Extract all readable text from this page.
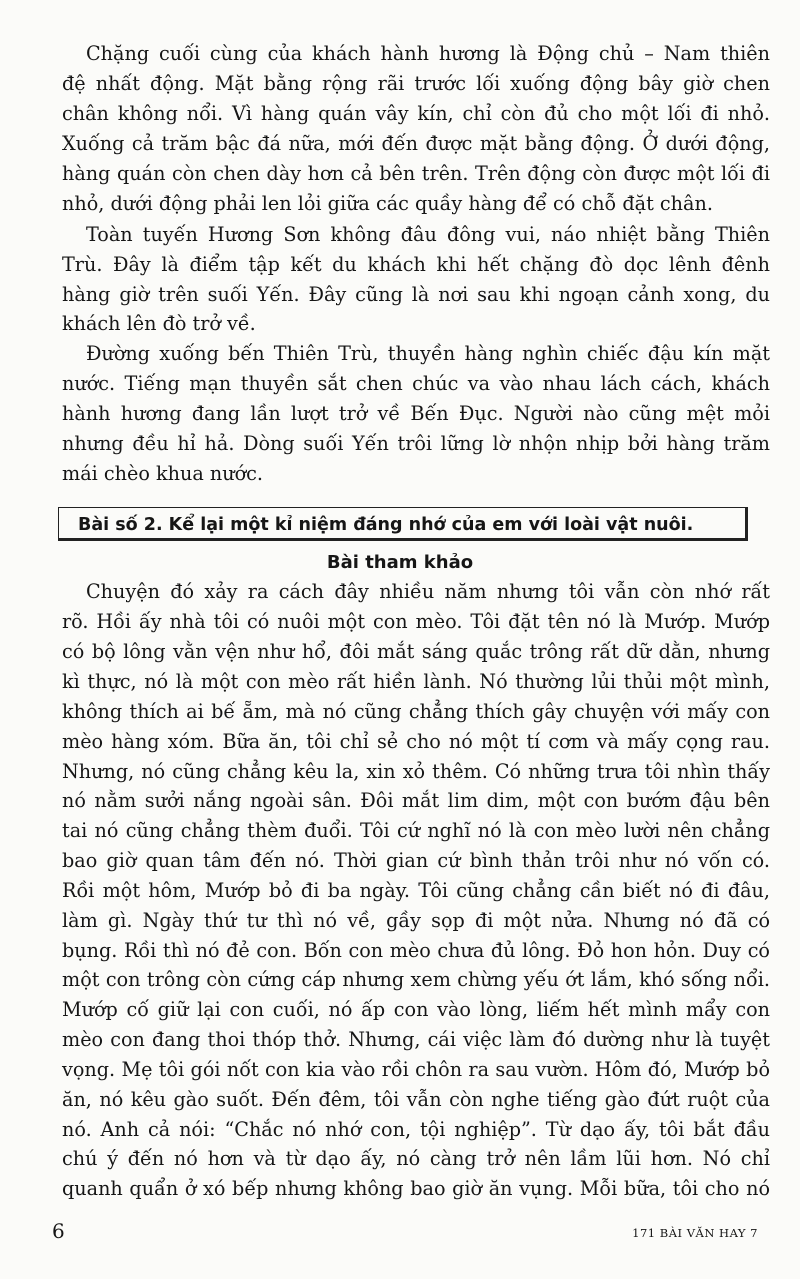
Chặng cuối cùng của khách hành hương là Động chủ – Nam thiên
đệ nhất động. Mặt bằng rộng rãi trước lối xuống động bây giờ chen
chân không nổi. Vì hàng quán vây kín, chỉ còn đủ cho một lối đi nhỏ.
Xuống cả trăm bậc đá nữa, mới đến được mặt bằng động. Ở dưới động,
hàng quán còn chen dày hơn cả bên trên. Trên động còn được một lối đi
nhỏ, dưới động phải len lỏi giữa các quầy hàng để có chỗ đặt chân.
Toàn tuyến Hương Sơn không đâu đông vui, náo nhiệt bằng Thiên
Trù. Đây là điểm tập kết du khách khi hết chặng đò dọc lênh đênh
hàng giờ trên suối Yến. Đây cũng là nơi sau khi ngoạn cảnh xong, du
khách lên đò trở về.
Đường xuống bến Thiên Trù, thuyền hàng nghìn chiếc đậu kín mặt
nước. Tiếng mạn thuyền sắt chen chúc va vào nhau lách cách, khách
hành hương đang lần lượt trở về Bến Đục. Người nào cũng mệt mỏi
nhưng đều hỉ hả. Dòng suối Yến trôi lững lờ nhộn nhịp bởi hàng trăm
mái chèo khua nước.
Bài số 2. Kể lại một kỉ niệm đáng nhớ của em với loài vật nuôi.
Bài tham khảo
Chuyện đó xảy ra cách đây nhiều năm nhưng tôi vẫn còn nhớ rất
rõ. Hồi ấy nhà tôi có nuôi một con mèo. Tôi đặt tên nó là Mướp. Mướp
có bộ lông vằn vện như hổ, đôi mắt sáng quắc trông rất dữ dằn, nhưng
kì thực, nó là một con mèo rất hiền lành. Nó thường lủi thủi một mình,
không thích ai bế ẵm, mà nó cũng chẳng thích gây chuyện với mấy con
mèo hàng xóm. Bữa ăn, tôi chỉ sẻ cho nó một tí cơm và mấy cọng rau.
Nhưng, nó cũng chẳng kêu la, xin xỏ thêm. Có những trưa tôi nhìn thấy
nó nằm sưởi nắng ngoài sân. Đôi mắt lim dim, một con bướm đậu bên
tai nó cũng chẳng thèm đuổi. Tôi cứ nghĩ nó là con mèo lười nên chẳng
bao giờ quan tâm đến nó. Thời gian cứ bình thản trôi như nó vốn có.
Rồi một hôm, Mướp bỏ đi ba ngày. Tôi cũng chẳng cần biết nó đi đâu,
làm gì. Ngày thứ tư thì nó về, gầy sọp đi một nửa. Nhưng nó đã có
bụng. Rồi thì nó đẻ con. Bốn con mèo chưa đủ lông. Đỏ hon hỏn. Duy có
một con trông còn cứng cáp nhưng xem chừng yếu ớt lắm, khó sống nổi.
Mướp cố giữ lại con cuối, nó ấp con vào lòng, liếm hết mình mẩy con
mèo con đang thoi thóp thở. Nhưng, cái việc làm đó dường như là tuyệt
vọng. Mẹ tôi gói nốt con kia vào rồi chôn ra sau vườn. Hôm đó, Mướp bỏ
ăn, nó kêu gào suốt. Đến đêm, tôi vẫn còn nghe tiếng gào đứt ruột của
nó. Anh cả nói: “Chắc nó nhớ con, tội nghiệp”. Từ dạo ấy, tôi bắt đầu
chú ý đến nó hơn và từ dạo ấy, nó càng trở nên lầm lũi hơn. Nó chỉ
quanh quẩn ở xó bếp nhưng không bao giờ ăn vụng. Mỗi bữa, tôi cho nó
6	171 BÀI VĂN HAY 7
